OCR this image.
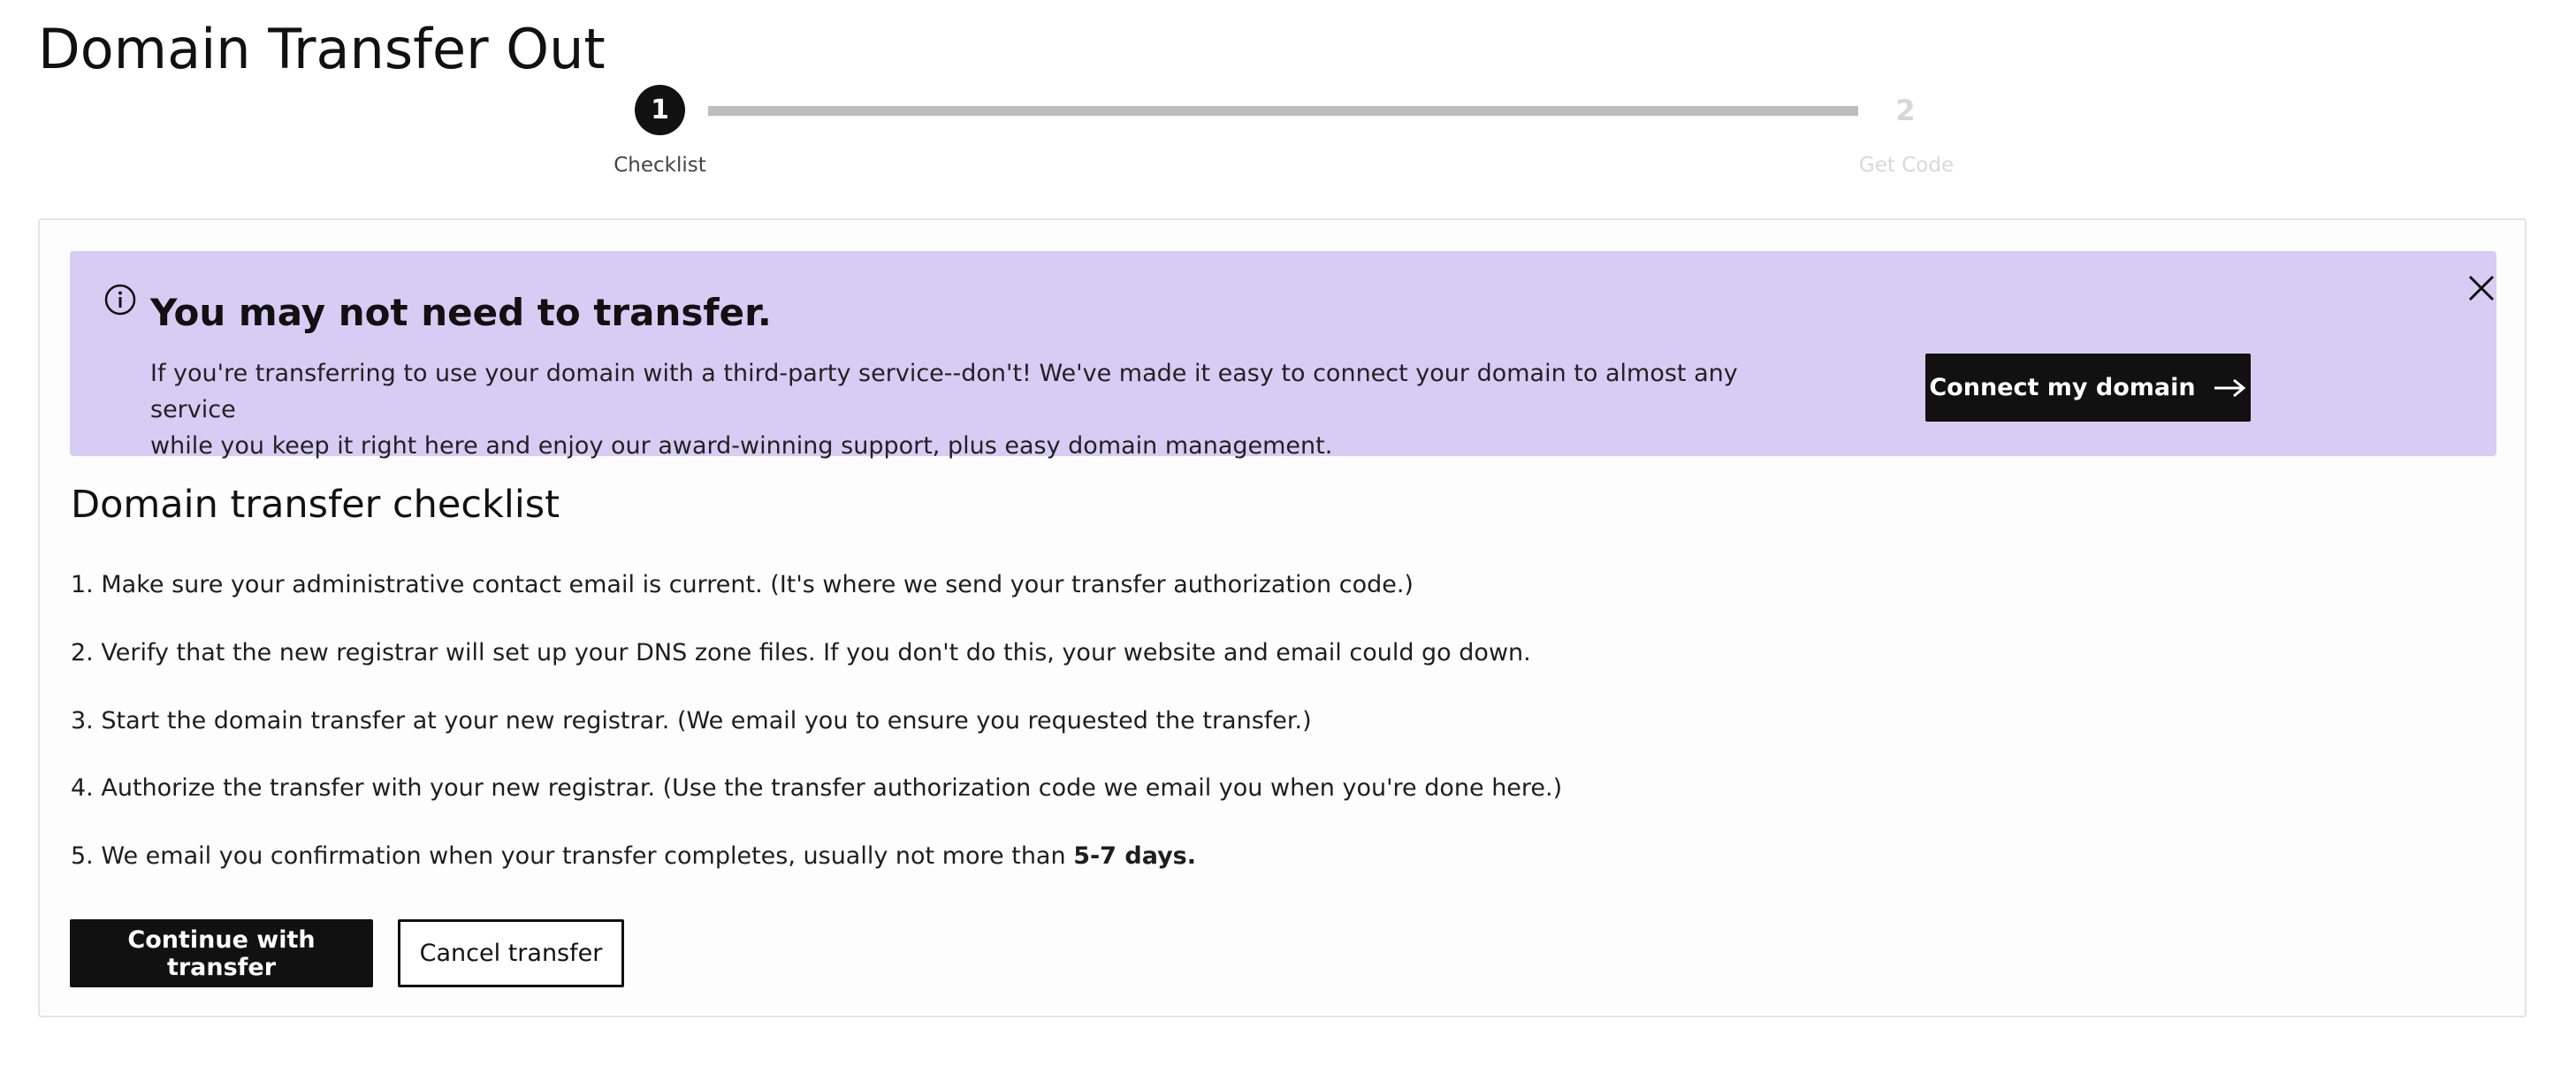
Domain Transfer Out
1	2
Checklist	Get Code
You may not need to transfer.
If you're transferring to use your domain with a third-party service--don't! We've made it easy to connect your domain to almost any service
while you keep it right here and enjoy our award-winning support, plus easy domain management.
Connect my domain
Domain transfer checklist
1. Make sure your administrative contact email is current. (It's where we send your transfer authorization code.)
2. Verify that the new registrar will set up your DNS zone files. If you don't do this, your website and email could go down.
3. Start the domain transfer at your new registrar. (We email you to ensure you requested the transfer.)
4. Authorize the transfer with your new registrar. (Use the transfer authorization code we email you when you're done here.)
5. We email you confirmation when your transfer completes, usually not more than 5-7 days.
Continue with transfer	Cancel transfer
